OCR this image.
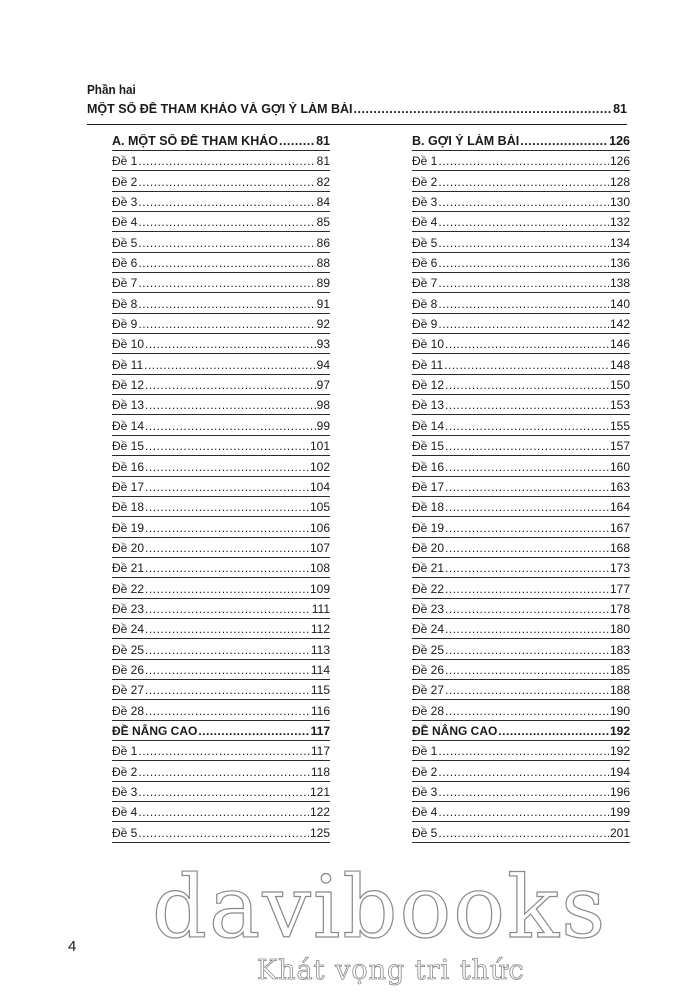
Phần hai
MỘT SỐ ĐỀ THAM KHẢO VÀ GỢI Ý LÀM BÀI .....	81
A. MỘT SỐ ĐỀ THAM KHẢO .....	81
Đề 1 .....	81
Đề 2 .....	82
Đề 3 .....	84
Đề 4 .....	85
Đề 5 .....	86
Đề 6 .....	88
Đề 7 .....	89
Đề 8 .....	91
Đề 9 .....	92
Đề 10 .....	93
Đề 11 .....	94
Đề 12 .....	97
Đề 13 .....	98
Đề 14 .....	99
Đề 15 .....	101
Đề 16 .....	102
Đề 17 .....	104
Đề 18 .....	105
Đề 19 .....	106
Đề 20 .....	107
Đề 21 .....	108
Đề 22 .....	109
Đề 23 .....	111
Đề 24 .....	112
Đề 25 .....	113
Đề 26 .....	114
Đề 27 .....	115
Đề 28 .....	116
ĐỀ NÂNG CAO .....	117
Đề 1 .....	117
Đề 2 .....	118
Đề 3 .....	121
Đề 4 .....	122
Đề 5 .....	125
B. GỢI Ý LÀM BÀI .....	126
Đề 1 .....	126
Đề 2 .....	128
Đề 3 .....	130
Đề 4 .....	132
Đề 5 .....	134
Đề 6 .....	136
Đề 7 .....	138
Đề 8 .....	140
Đề 9 .....	142
Đề 10 .....	146
Đề 11 .....	148
Đề 12 .....	150
Đề 13 .....	153
Đề 14 .....	155
Đề 15 .....	157
Đề 16 .....	160
Đề 17 .....	163
Đề 18 .....	164
Đề 19 .....	167
Đề 20 .....	168
Đề 21 .....	173
Đề 22 .....	177
Đề 23 .....	178
Đề 24 .....	180
Đề 25 .....	183
Đề 26 .....	185
Đề 27 .....	188
Đề 28 .....	190
ĐỀ NÂNG CAO .....	192
Đề 1 .....	192
Đề 2 .....	194
Đề 3 .....	196
Đề 4 .....	199
Đề 5 .....	201
4 davibooks
Khát vọng tri thức
